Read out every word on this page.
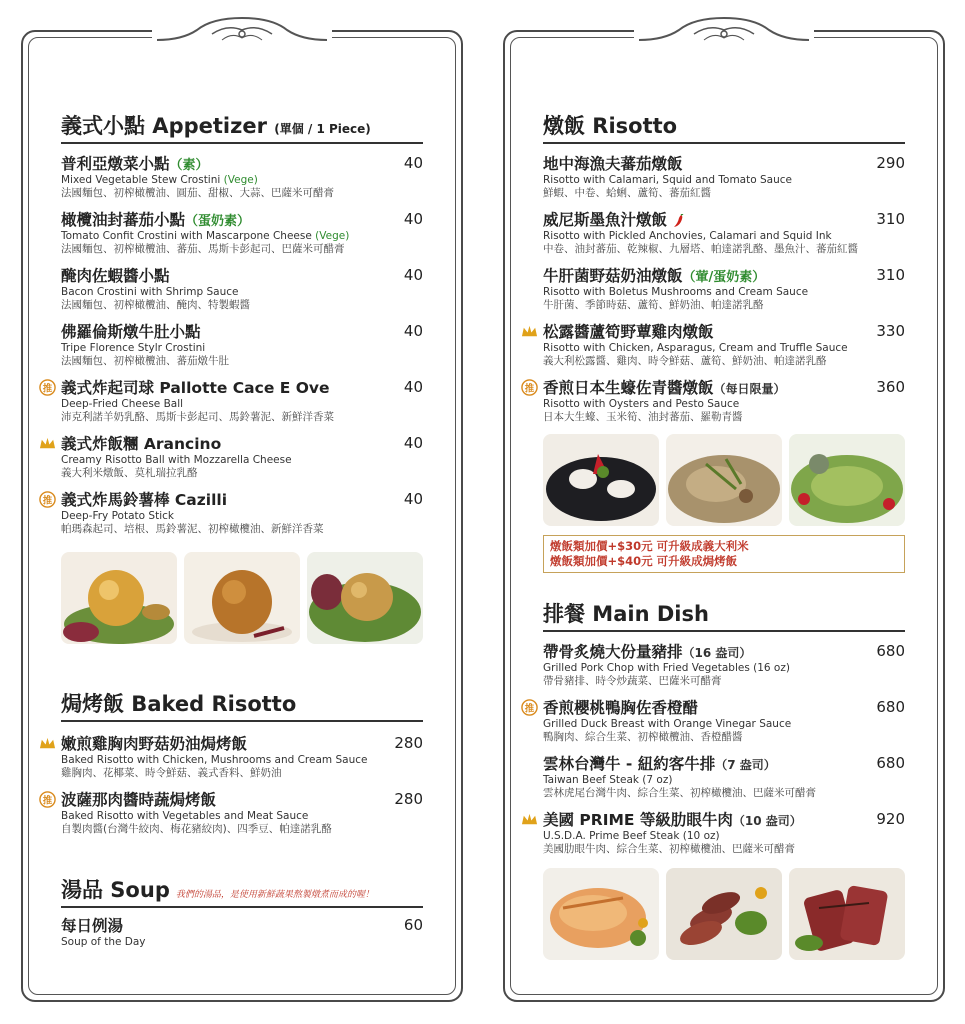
義式小點 Appetizer (單個 / 1 Piece)
普利亞燉菜小點（素）
Mixed Vegetable Stew Crostini (Vege)
法國麵包、初榨橄欖油、圓茄、甜椒、大蒜、巴薩米可醋膏
40
橄欖油封蕃茄小點（蛋奶素）
Tomato Confit Crostini with Mascarpone Cheese (Vege)
法國麵包、初榨橄欖油、蕃茄、馬斯卡彭起司、巴薩米可醋膏
40
醃肉佐蝦醬小點
Bacon Crostini with Shrimp Sauce
法國麵包、初榨橄欖油、醃肉、特製蝦醬
40
佛羅倫斯燉牛肚小點
Tripe Florence Stylr Crostini
法國麵包、初榨橄欖油、蕃茄燉牛肚
40
推 義式炸起司球 Pallotte Cace E Ove
Deep-Fried Cheese Ball
沛克利諾羊奶乳酪、馬斯卡彭起司、馬鈴薯泥、新鮮洋香菜
40
義式炸飯糰 Arancino
Creamy Risotto Ball with Mozzarella Cheese
義大利米燉飯、莫札瑞拉乳酪
40
推 義式炸馬鈴薯棒 Cazilli
Deep-Fry Potato Stick
帕瑪森起司、培根、馬鈴薯泥、初榨橄欖油、新鮮洋香菜
40
焗烤飯 Baked Risotto
嫩煎雞胸肉野菇奶油焗烤飯
Baked Risotto with Chicken, Mushrooms and Cream Sauce
雞胸肉、花椰菜、時令鮮菇、義式香料、鮮奶油
280
推 波薩那肉醬時蔬焗烤飯
Baked Risotto with Vegetables and Meat Sauce
自製肉醬(台灣牛絞肉、梅花豬絞肉)、四季豆、帕達諾乳酪
280
湯品 Soup 我們的湯品，是使用新鮮蔬果熬製燉煮而成的喔！
每日例湯
Soup of the Day
60
燉飯 Risotto
地中海漁夫蕃茄燉飯
Risotto with Calamari, Squid and Tomato Sauce
鮮蝦、中卷、蛤蜊、蘆筍、蕃茄紅醬
290
威尼斯墨魚汁燉飯
Risotto with Pickled Anchovies, Calamari and Squid Ink
中卷、油封蕃茄、乾辣椒、九層塔、帕達諾乳酪、墨魚汁、蕃茄紅醬
310
牛肝菌野菇奶油燉飯（葷/蛋奶素）
Risotto with Boletus Mushrooms and Cream Sauce
牛肝菌、季節時菇、蘆筍、鮮奶油、帕達諾乳酪
310
松露醬蘆筍野蕈雞肉燉飯
Risotto with Chicken, Asparagus, Cream and Truffle Sauce
義大利松露醬、雞肉、時令鮮菇、蘆筍、鮮奶油、帕達諾乳酪
330
推 香煎日本生蠔佐青醬燉飯（每日限量）
Risotto with Oysters and Pesto Sauce
日本大生蠔、玉米筍、油封蕃茄、羅勒青醬
360
燉飯類加價+$30元 可升級成義大利米
燉飯類加價+$40元 可升級成焗烤飯
排餐 Main Dish
帶骨炙燒大份量豬排（16 盎司）
Grilled Pork Chop with Fried Vegetables (16 oz)
帶骨豬排、時令炒蔬菜、巴薩米可醋膏
680
推 香煎櫻桃鴨胸佐香橙醋
Grilled Duck Breast with Orange Vinegar Sauce
鴨胸肉、綜合生菜、初榨橄欖油、香橙醋醬
680
雲林台灣牛 - 紐約客牛排（7 盎司）
Taiwan Beef Steak (7 oz)
雲林虎尾台灣牛肉、綜合生菜、初榨橄欖油、巴薩米可醋膏
680
美國 PRIME 等級肋眼牛肉（10 盎司）
U.S.D.A. Prime Beef Steak (10 oz)
美國肋眼牛肉、綜合生菜、初榨橄欖油、巴薩米可醋膏
920
